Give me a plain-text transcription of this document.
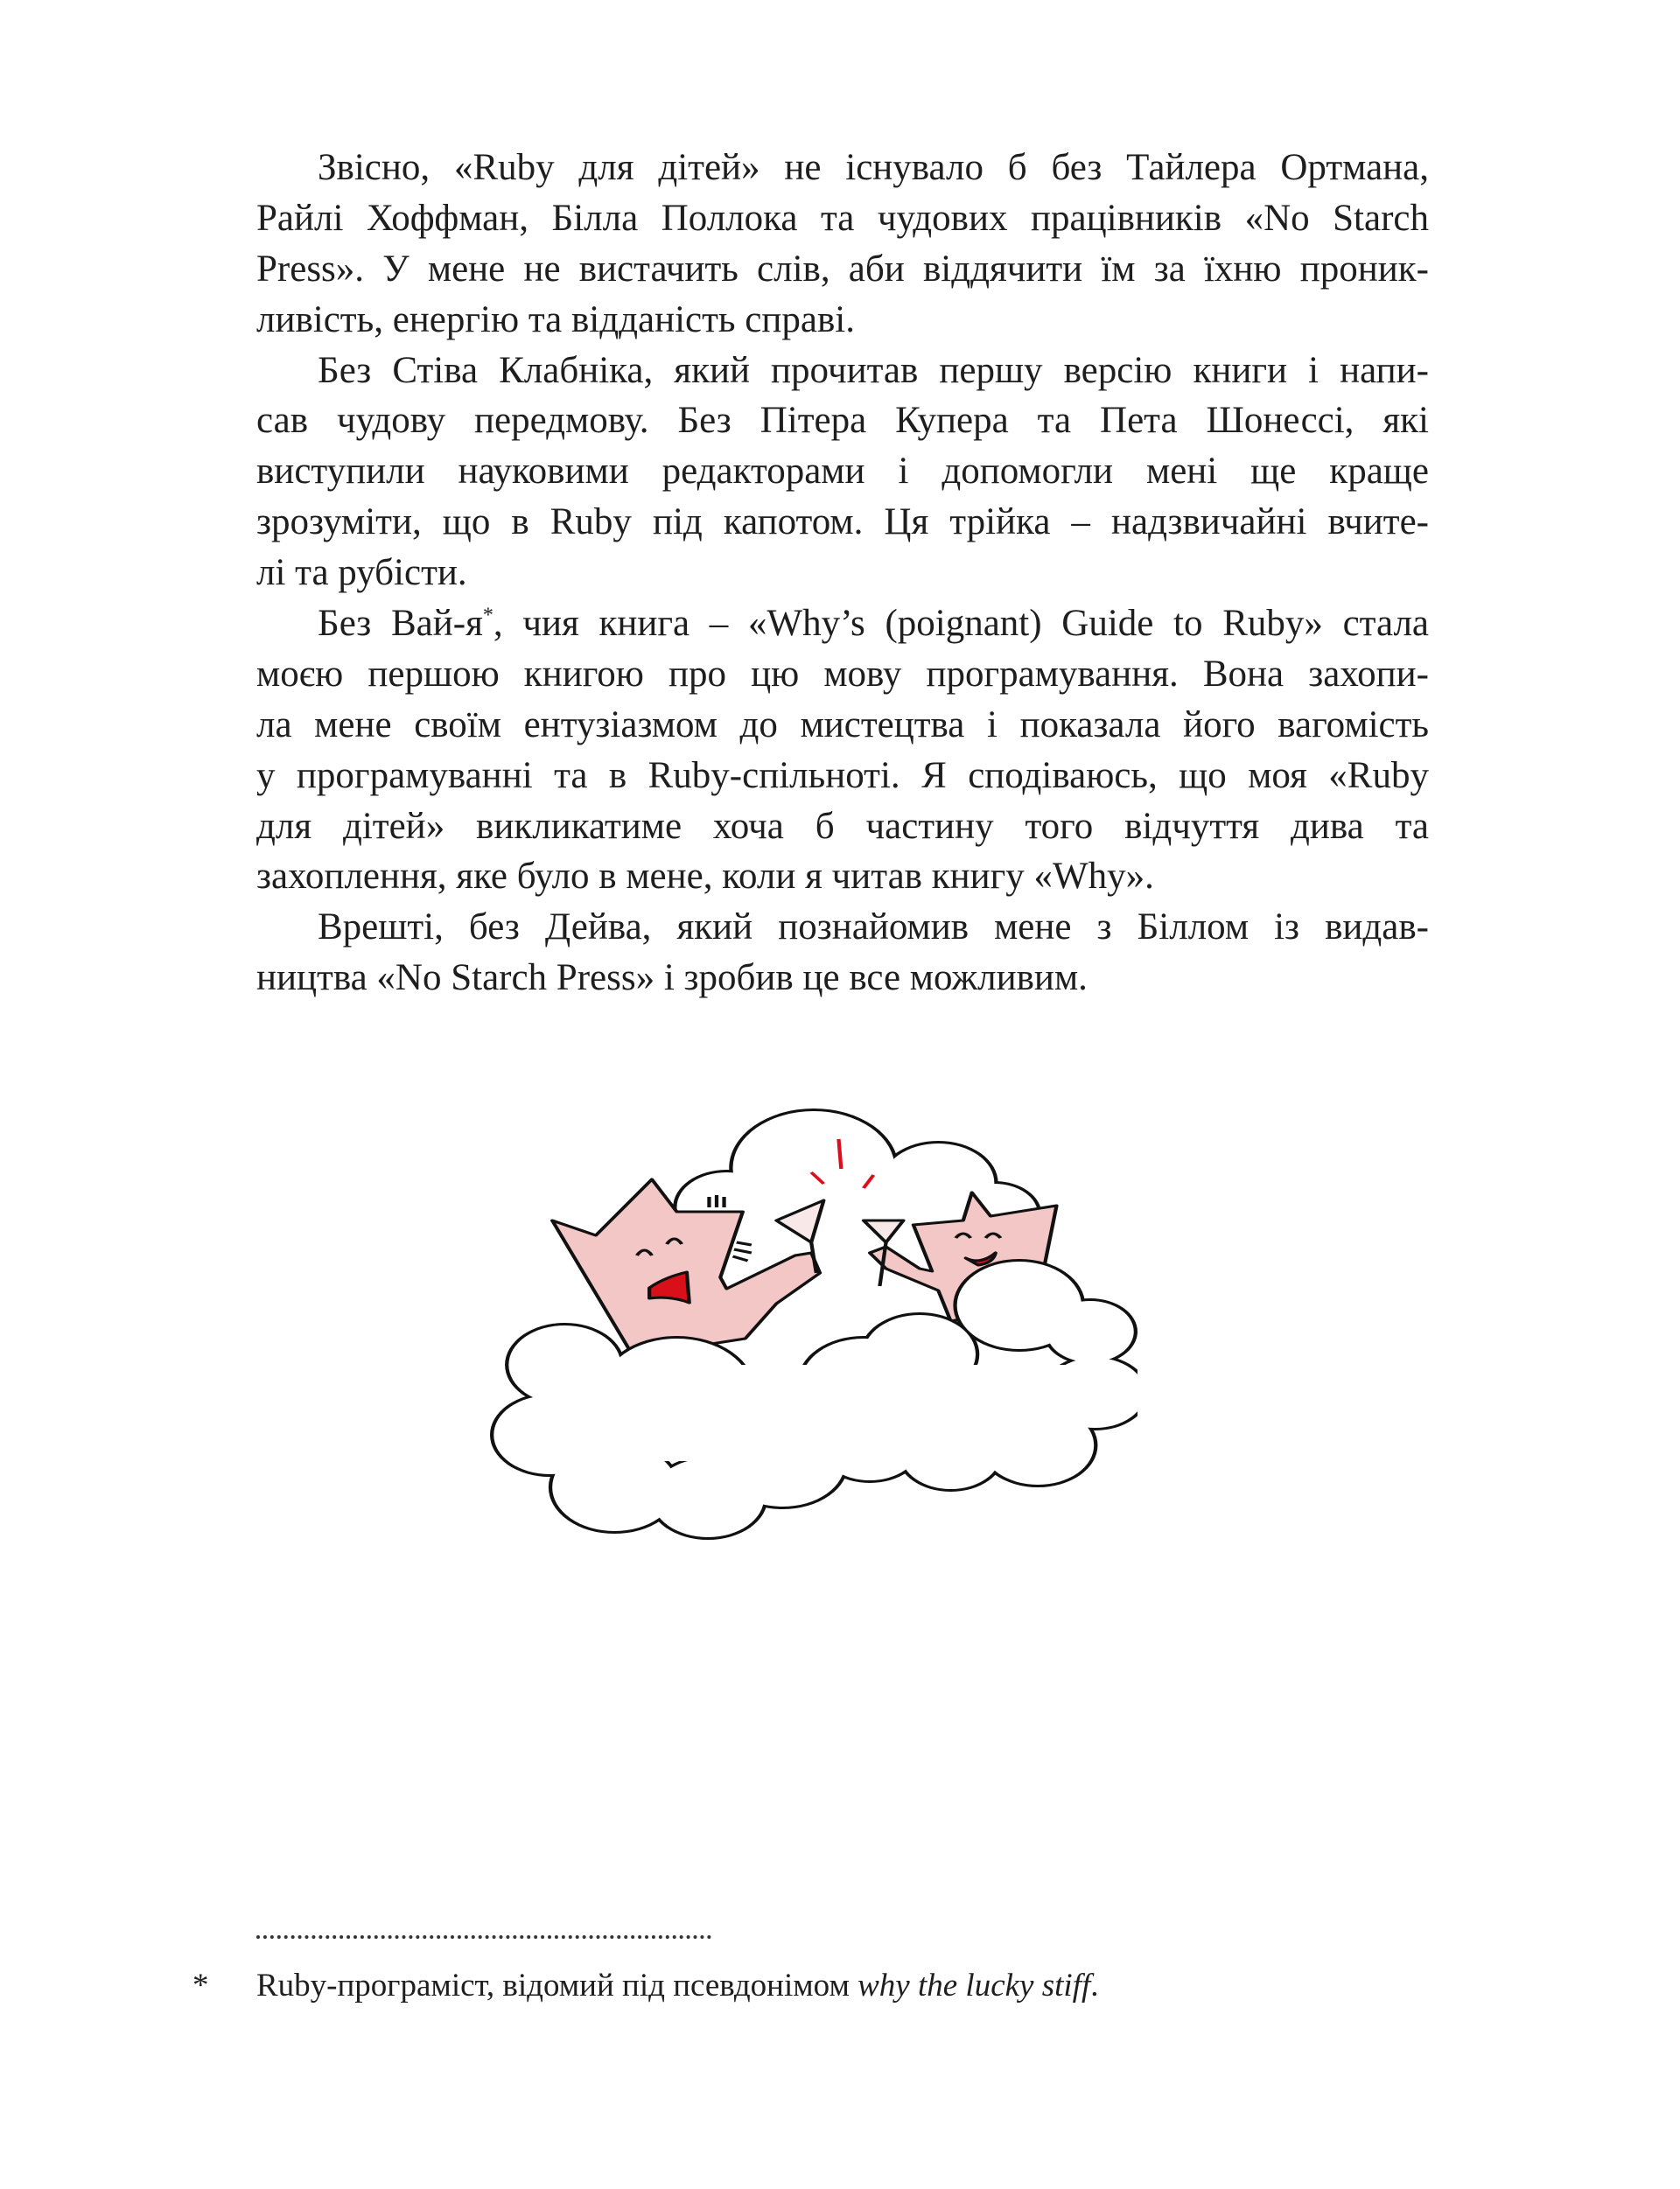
Звісно, «Ruby для дітей» не існувало б без Тайлера Ортмана,
Райлі Хоффман, Білла Поллока та чудових працівників «No Starch
Press». У мене не вистачить слів, аби віддячити їм за їхню проник-
ливість, енергію та відданість справі.
Без Стіва Клабніка, який прочитав першу версію книги і напи-
сав чудову передмову. Без Пітера Купера та Пета Шонессі, які
виступили науковими редакторами і допомогли мені ще краще
зрозуміти, що в Ruby під капотом. Ця трійка – надзвичайні вчите-
лі та рубісти.
Без Вай-я*, чия книга – «Why’s (poignant) Guide to Ruby» стала
моєю першою книгою про цю мову програмування. Вона захопи-
ла мене своїм ентузіазмом до мистецтва і показала його вагомість
у програмуванні та в Ruby-спільноті. Я сподіваюсь, що моя «Ruby
для дітей» викликатиме хоча б частину того відчуття дива та
захоплення, яке було в мене, коли я читав книгу «Why».
Врешті, без Дейва, який познайомив мене з Біллом із видав-
ництва «No Starch Press» і зробив це все можливим.
* Ruby-програміст, відомий під псевдонімом why the lucky stiff.
